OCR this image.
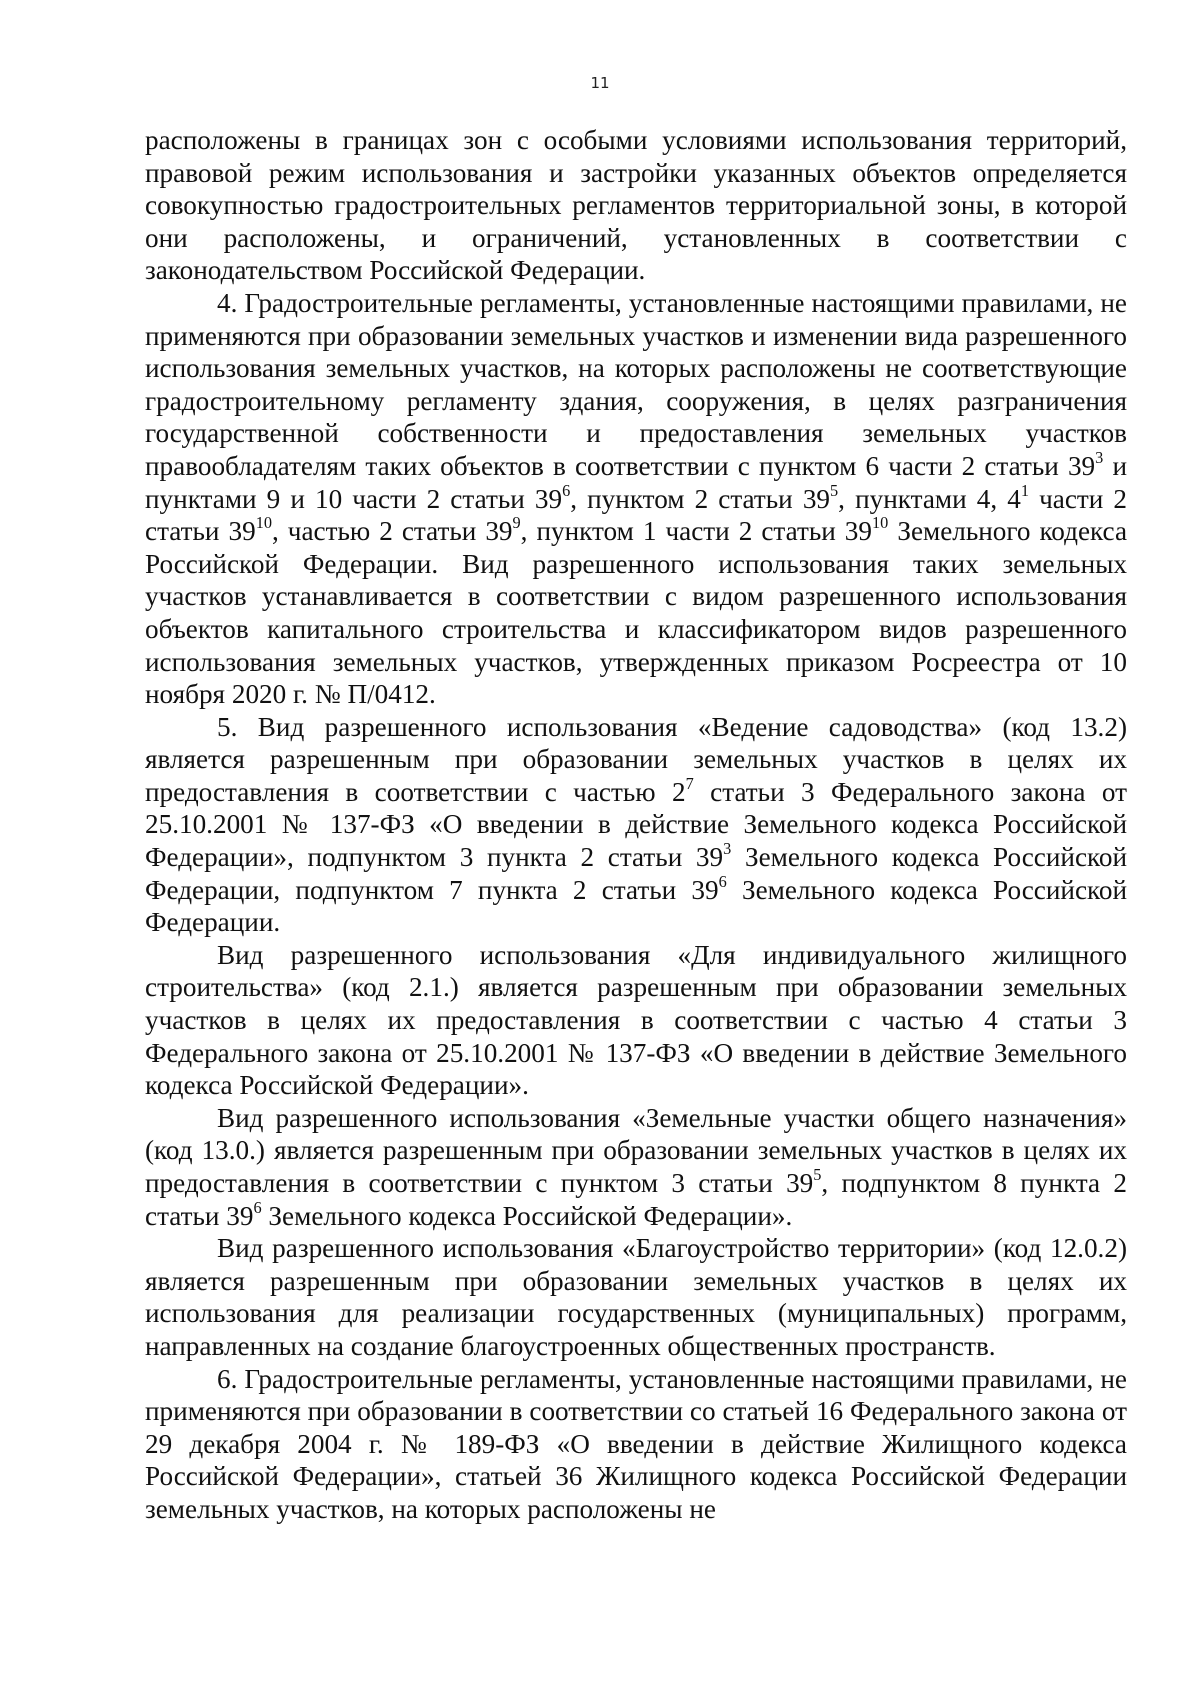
11

расположены в границах зон с особыми условиями использования территорий, правовой режим использования и застройки указанных объектов определяется совокупностью градостроительных регламентов территориальной зоны, в которой они расположены, и ограничений, установленных в соответствии с законодательством Российской Федерации.

4. Градостроительные регламенты, установленные настоящими правилами, не применяются при образовании земельных участков и изменении вида разрешенного использования земельных участков, на которых расположены не соответствующие градостроительному регламенту здания, сооружения, в целях разграничения государственной собственности и предоставления земельных участков правообладателям таких объектов в соответствии с пунктом 6 части 2 статьи $39^3$ и пунктами 9 и 10 части 2 статьи $39^6$, пунктом 2 статьи $39^5$, пунктами 4, $4^1$ части 2 статьи $39^{10}$, частью 2 статьи $39^9$, пунктом 1 части 2 статьи $39^{10}$ Земельного кодекса Российской Федерации. Вид разрешенного использования таких земельных участков устанавливается в соответствии с видом разрешенного использования объектов капитального строительства и классификатором видов разрешенного использования земельных участков, утвержденных приказом Росреестра от 10 ноября 2020 г. № П/0412.

5. Вид разрешенного использования «Ведение садоводства» (код 13.2) является разрешенным при образовании земельных участков в целях их предоставления в соответствии с частью $2^7$ статьи 3 Федерального закона от 25.10.2001 № 137-ФЗ «О введении в действие Земельного кодекса Российской Федерации», подпунктом 3 пункта 2 статьи $39^3$ Земельного кодекса Российской Федерации, подпунктом 7 пункта 2 статьи $39^6$ Земельного кодекса Российской Федерации.

Вид разрешенного использования «Для индивидуального жилищного строительства» (код 2.1.) является разрешенным при образовании земельных участков в целях их предоставления в соответствии с частью 4 статьи 3 Федерального закона от 25.10.2001 № 137-ФЗ «О введении в действие Земельного кодекса Российской Федерации».

Вид разрешенного использования «Земельные участки общего назначения» (код 13.0.) является разрешенным при образовании земельных участков в целях их предоставления в соответствии с пунктом 3 статьи $39^5$, подпунктом 8 пункта 2 статьи $39^6$ Земельного кодекса Российской Федерации».

Вид разрешенного использования «Благоустройство территории» (код 12.0.2) является разрешенным при образовании земельных участков в целях их использования для реализации государственных (муниципальных) программ, направленных на создание благоустроенных общественных пространств.

6. Градостроительные регламенты, установленные настоящими правилами, не применяются при образовании в соответствии со статьей 16 Федерального закона от 29 декабря 2004 г. № 189-ФЗ «О введении в действие Жилищного кодекса Российской Федерации», статьей 36 Жилищного кодекса Российской Федерации земельных участков, на которых расположены не
